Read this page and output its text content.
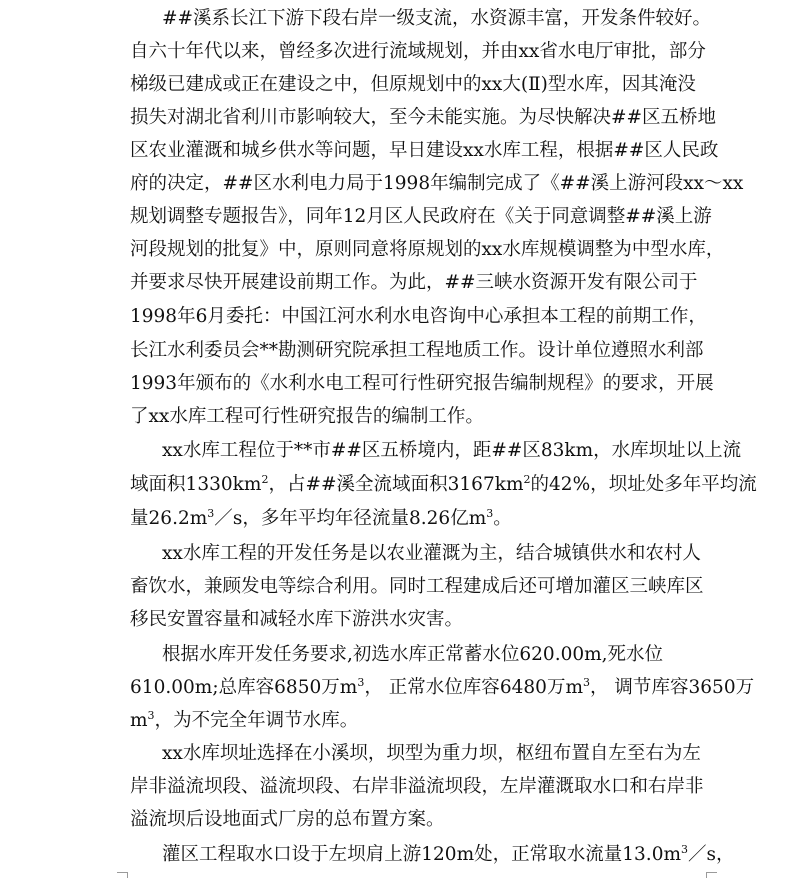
##溪系长江下游下段右岸一级支流，水资源丰富，开发条件较好。
自六十年代以来，曾经多次进行流域规划，并由xx省水电厅审批，部分
梯级已建成或正在建设之中，但原规划中的xx大(Ⅱ)型水库，因其淹没
损失对湖北省利川市影响较大，至今未能实施。为尽快解决##区五桥地
区农业灌溉和城乡供水等问题，早日建设xx水库工程，根据##区人民政
府的决定，##区水利电力局于1998年编制完成了《##溪上游河段xx～xx
规划调整专题报告》，同年12月区人民政府在《关于同意调整##溪上游
河段规划的批复》中，原则同意将原规划的xx水库规模调整为中型水库，
并要求尽快开展建设前期工作。为此，##三峡水资源开发有限公司于
1998年6月委托：中国江河水利水电咨询中心承担本工程的前期工作，
长江水利委员会**勘测研究院承担工程地质工作。设计单位遵照水利部
1993年颁布的《水利水电工程可行性研究报告编制规程》的要求，开展
了xx水库工程可行性研究报告的编制工作。
xx水库工程位于**市##区五桥境内，距##区83km，水库坝址以上流
域面积$1330km^2$，占##溪全流域面积$3167km^2$的42%，坝址处多年平均流
量$26.2m^3/s$，多年平均年径流量8.26亿$m^3$。
xx水库工程的开发任务是以农业灌溉为主，结合城镇供水和农村人
畜饮水，兼顾发电等综合利用。同时工程建成后还可增加灌区三峡库区
移民安置容量和减轻水库下游洪水灾害。
根据水库开发任务要求,初选水库正常蓄水位620.00m,死水位
610.00m;总库容6850万$m^3$， 正常水位库容6480万$m^3$， 调节库容3650万
$m^3$，为不完全年调节水库。
xx水库坝址选择在小溪坝，坝型为重力坝，枢纽布置自左至右为左
岸非溢流坝段、溢流坝段、右岸非溢流坝段，左岸灌溉取水口和右岸非
溢流坝后设地面式厂房的总布置方案。
灌区工程取水口设于左坝肩上游120m处，正常取水流量$13.0m^3/s$，
